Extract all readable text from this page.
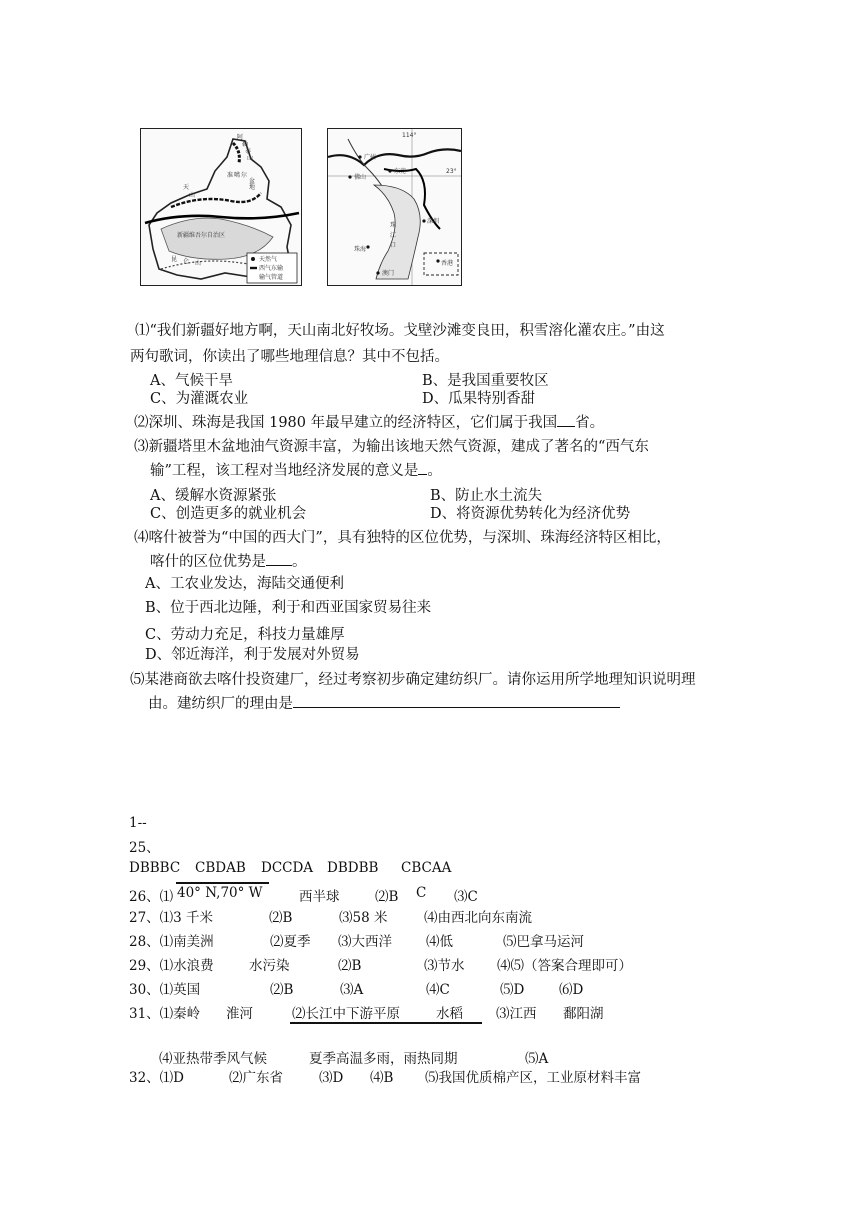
阿
勒
泰
山
天
山
准 噶 尔
盆
地
新疆维吾尔自治区
昆 仑 山
天然气
西气东输
输气管道
114°
23°
广州
佛山
东莞
珠
江
口
深圳
珠海
澳门
香港
⑴“我们新疆好地方啊，天山南北好牧场。戈壁沙滩变良田，积雪溶化灌农庄。”由这
两句歌词，你读出了哪些地理信息？其中不包括。
A、气候干旱	B、是我国重要牧区
C、为灌溉农业	D、瓜果特别香甜
⑵深圳、珠海是我国 1980 年最早建立的经济特区，它们属于我国 省。
⑶新疆塔里木盆地油气资源丰富，为输出该地天然气资源，建成了著名的“西气东
输”工程，该工程对当地经济发展的意义是 。
A、缓解水资源紧张	B、防止水土流失
C、创造更多的就业机会	D、将资源优势转化为经济优势
⑷喀什被誉为“中国的西大门”，具有独特的区位优势，与深圳、珠海经济特区相比，
喀什的区位优势是 。
A、工农业发达，海陆交通便利
B、位于西北边陲，利于和西亚国家贸易往来
C、劳动力充足，科技力量雄厚
D、邻近海洋，利于发展对外贸易
⑸某港商欲去喀什投资建厂，经过考察初步确定建纺织厂。请你运用所学地理知识说明理
由。建纺织厂的理由是
1--
25、
DBBBC CBDAB DCCDA DBDBB CBCAA
26、⑴ 40° N,70° W	西半球	⑵B C ⑶C
27、⑴3 千米	⑵B	⑶58 米	⑷由西北向东南流
28、⑴南美洲	⑵夏季 ⑶大西洋	⑷低	⑸巴拿马运河
29、⑴水浪费	水污染	⑵B	⑶节水 ⑷⑸（答案合理即可）
30、⑴英国	⑵B	⑶A	⑷C	⑸D	⑹D
31、⑴秦岭 淮河	⑵长江中下游平原	水稻 ⑶江西 鄱阳湖
⑷亚热带季风气候	夏季高温多雨，雨热同期	⑸A
32、⑴D	⑵广东省	⑶D ⑷B ⑸我国优质棉产区，工业原材料丰富
